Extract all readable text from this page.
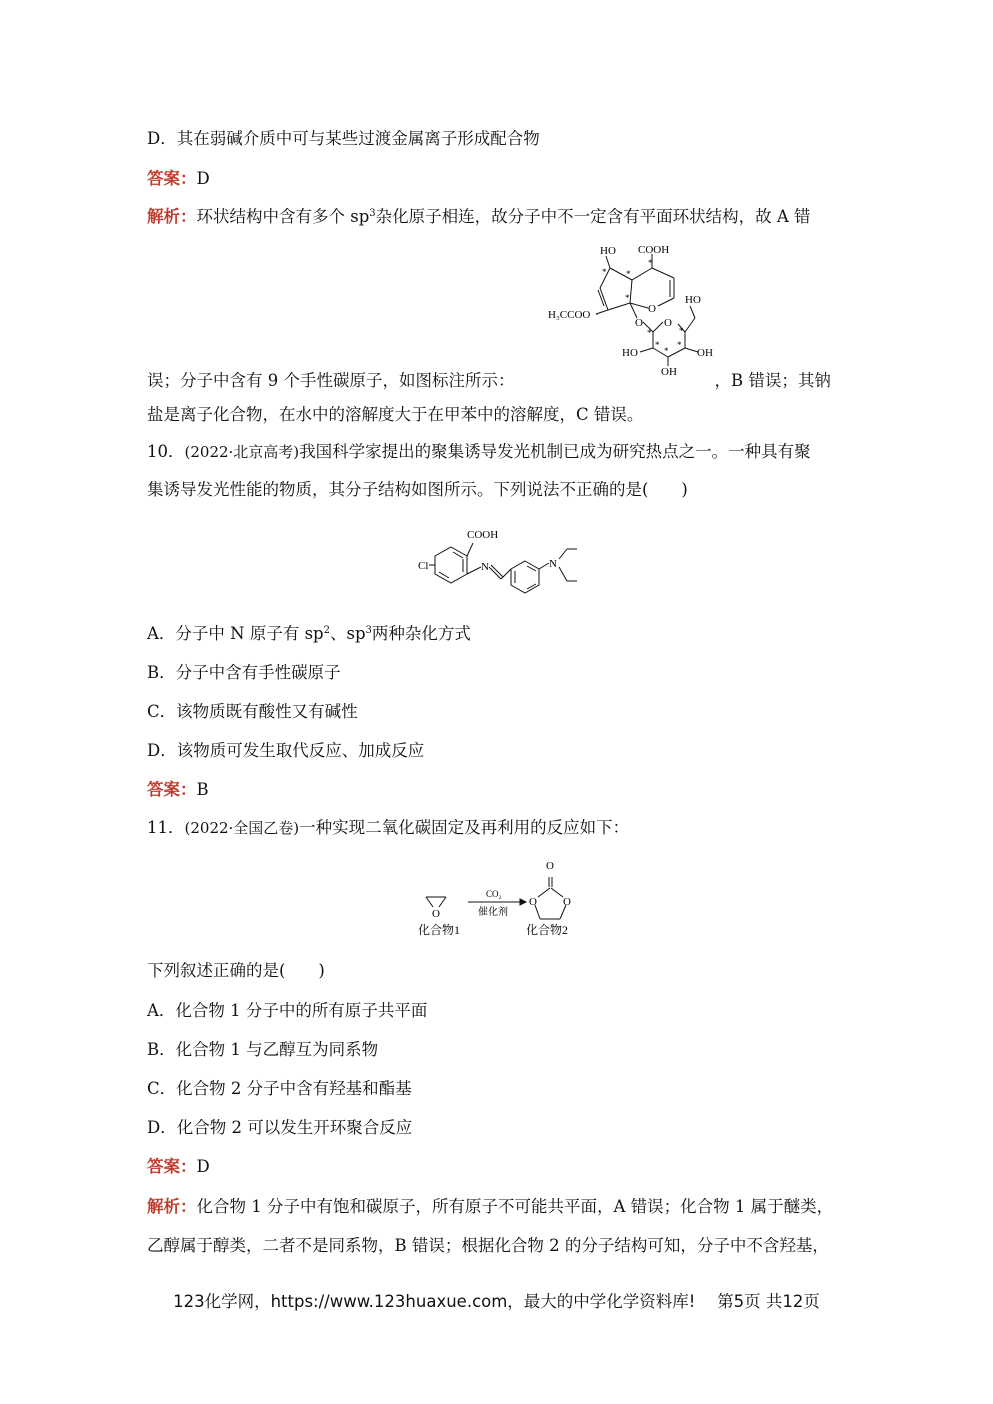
D．其在弱碱介质中可与某些过渡金属离子形成配合物
答案：D
解析：环状结构中含有多个 $sp^3$杂化原子相连，故分子中不一定含有平面环状结构，故 A 错
HO COOH
H₃CCOO
HO
O
O O
HO	OH
OH
* *
*
*
*
*
*
*
*
误；分子中含有 9 个手性碳原子，如图标注所示：	，B 错误；其钠
盐是离子化合物，在水中的溶解度大于在甲苯中的溶解度，C 错误。
10．(2022·北京高考)我国科学家提出的聚集诱导发光机制已成为研究热点之一。一种具有聚
集诱导发光性能的物质，其分子结构如图所示。下列说法不正确的是(　　)
COOH
Cl	N	N
A．分子中 N 原子有 $sp^2$、$sp^3$两种杂化方式
B．分子中含有手性碳原子
C．该物质既有酸性又有碱性
D．该物质可发生取代反应、加成反应
答案：B
11．(2022·全国乙卷)一种实现二氧化碳固定及再利用的反应如下：
O
O
O O
CO₂
催化剂
化合物1	化合物2
下列叙述正确的是(　　)
A．化合物 1 分子中的所有原子共平面
B．化合物 1 与乙醇互为同系物
C．化合物 2 分子中含有羟基和酯基
D．化合物 2 可以发生开环聚合反应
答案：D
解析：化合物 1 分子中有饱和碳原子，所有原子不可能共平面，A 错误；化合物 1 属于醚类，
乙醇属于醇类，二者不是同系物，B 错误；根据化合物 2 的分子结构可知，分子中不含羟基，
123化学网，https://www.123huaxue.com，最大的中学化学资料库!　 第5页 共12页
